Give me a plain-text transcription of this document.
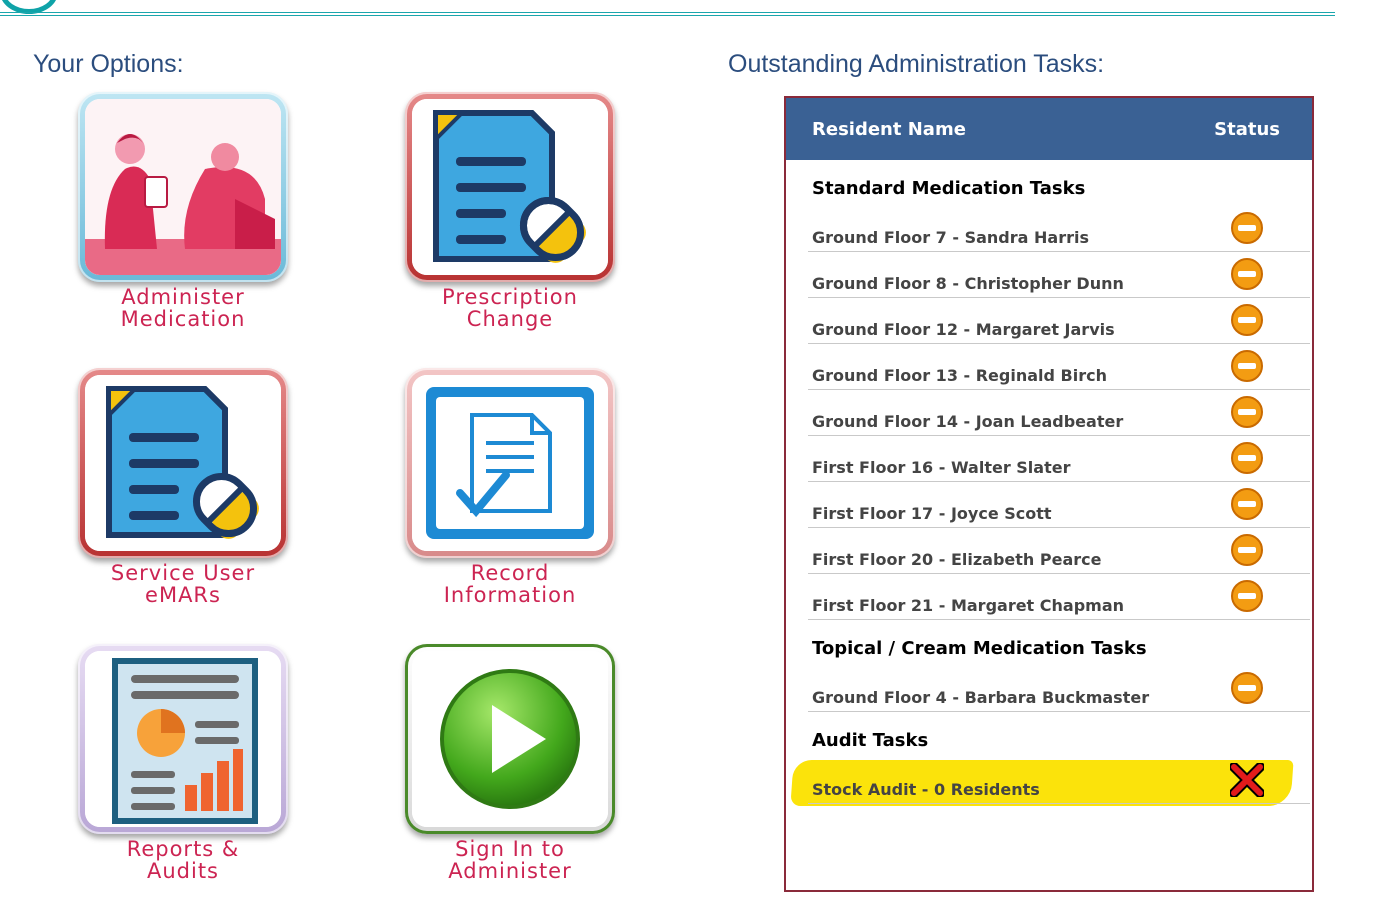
Your Options:	Outstanding Administration Tasks:
Administer
Medication
Prescription
Change
Service User
eMARs
Record
Information
Reports &
Audits
Sign In to
Administer
Resident Name	Status
Standard Medication Tasks
Ground Floor 7 - Sandra Harris
Ground Floor 8 - Christopher Dunn
Ground Floor 12 - Margaret Jarvis
Ground Floor 13 - Reginald Birch
Ground Floor 14 - Joan Leadbeater
First Floor 16 - Walter Slater
First Floor 17 - Joyce Scott
First Floor 20 - Elizabeth Pearce
First Floor 21 - Margaret Chapman
Topical / Cream Medication Tasks
Ground Floor 4 - Barbara Buckmaster
Audit Tasks
Stock Audit - 0 Residents
